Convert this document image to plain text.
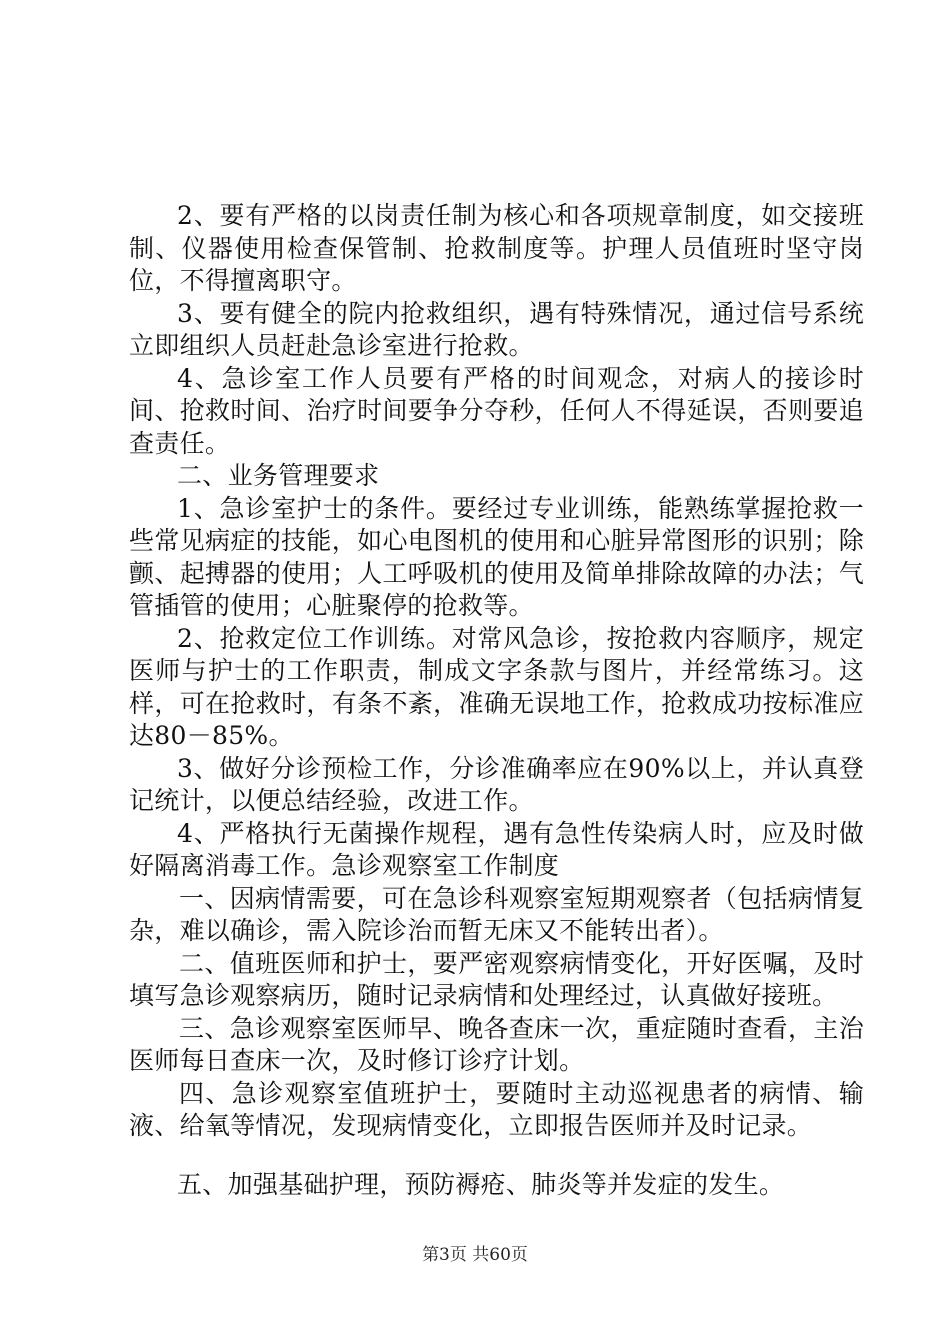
2、要有严格的以岗责任制为核心和各项规章制度，如交接班制、仪器使用检查保管制、抢救制度等。护理人员值班时坚守岗位，不得擅离职守。

3、要有健全的院内抢救组织，遇有特殊情况，通过信号系统立即组织人员赶赴急诊室进行抢救。

4、急诊室工作人员要有严格的时间观念，对病人的接诊时间、抢救时间、治疗时间要争分夺秒，任何人不得延误，否则要追查责任。

二、业务管理要求

1、急诊室护士的条件。要经过专业训练，能熟练掌握抢救一些常见病症的技能，如心电图机的使用和心脏异常图形的识别；除颤、起搏器的使用；人工呼吸机的使用及简单排除故障的办法；气管插管的使用；心脏聚停的抢救等。

2、抢救定位工作训练。对常风急诊，按抢救内容顺序，规定医师与护士的工作职责，制成文字条款与图片，并经常练习。这样，可在抢救时，有条不紊，准确无误地工作，抢救成功按标准应达80－85%。

3、做好分诊预检工作，分诊准确率应在90%以上，并认真登记统计，以便总结经验，改进工作。

4、严格执行无菌操作规程，遇有急性传染病人时，应及时做好隔离消毒工作。急诊观察室工作制度

一、因病情需要，可在急诊科观察室短期观察者（包括病情复杂，难以确诊，需入院诊治而暂无床又不能转出者）。

二、值班医师和护士，要严密观察病情变化，开好医嘱，及时填写急诊观察病历，随时记录病情和处理经过，认真做好接班。

三、急诊观察室医师早、晚各查床一次，重症随时查看，主治医师每日查床一次，及时修订诊疗计划。

四、急诊观察室值班护士，要随时主动巡视患者的病情、输液、给氧等情况，发现病情变化，立即报告医师并及时记录。

五、加强基础护理，预防褥疮、肺炎等并发症的发生。

第3页 共60页
